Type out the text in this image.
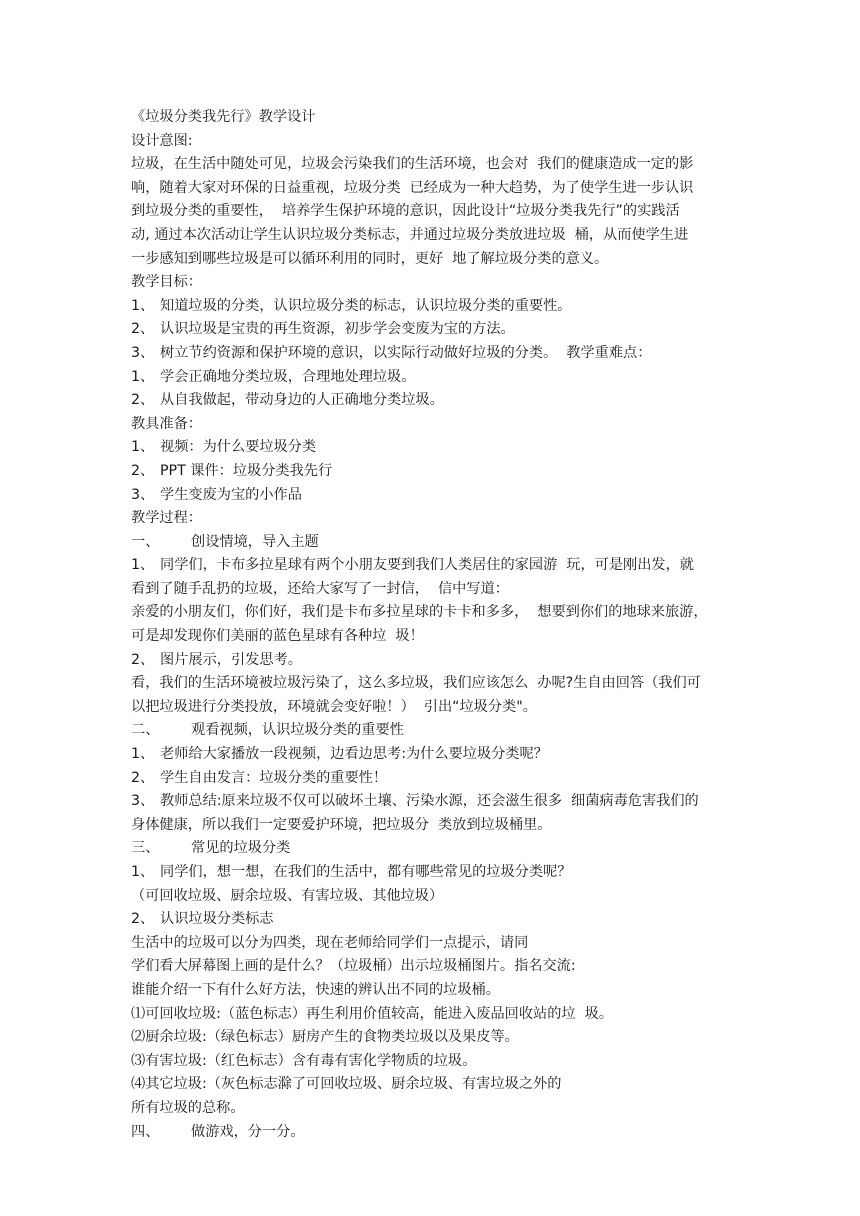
《垃圾分类我先行》教学设计
设计意图:
垃圾，在生活中随处可见，垃圾会污染我们的生活环境，也会对  我们的健康造成一定的影
响，随着大家对环保的日益重视，垃圾分类  已经成为一种大趋势，为了使学生进一步认识
到垃圾分类的重要性，  培养学生保护环境的意识，因此设计“垃圾分类我先行”的实践活
动, 通过本次活动让学生认识垃圾分类标志，并通过垃圾分类放进垃圾  桶，从而使学生进
一步感知到哪些垃圾是可以循环利用的同时，更好  地了解垃圾分类的意义。
教学目标：
1、 知道垃圾的分类，认识垃圾分类的标志，认识垃圾分类的重要性。
2、 认识垃圾是宝贵的再生资源，初步学会变废为宝的方法。
3、 树立节约资源和保护环境的意识，以实际行动做好垃圾的分类。  教学重难点：
1、 学会正确地分类垃圾，合理地处理垃圾。
2、 从自我做起，带动身边的人正确地分类垃圾。
教具准备：
1、 视频：为什么要垃圾分类
2、 PPT 课件：垃圾分类我先行
3、 学生变废为宝的小作品
教学过程：
一、 创设情境，导入主题
1、 同学们，卡布多拉星球有两个小朋友要到我们人类居住的家园游  玩，可是刚出发，就
看到了随手乱扔的垃圾，还给大家写了一封信，  信中写道：
亲爱的小朋友们，你们好，我们是卡布多拉星球的卡卡和多多，  想要到你们的地球来旅游，
可是却发现你们美丽的蓝色星球有各种垃  圾！
2、 图片展示，引发思考。
看，我们的生活环境被垃圾污染了，这么多垃圾，我们应该怎么  办呢?生自由回答（我们可
以把垃圾进行分类投放，环境就会变好啦！）  引出“垃圾分类"。
二、 观看视频，认识垃圾分类的重要性
1、 老师给大家播放一段视频，边看边思考:为什么要垃圾分类呢？
2、 学生自由发言：垃圾分类的重要性！
3、 教师总结:原来垃圾不仅可以破坏土壤、污染水源，还会滋生很多  细菌病毒危害我们的
身体健康，所以我们一定要爱护环境，把垃圾分  类放到垃圾桶里。
三、 常见的垃圾分类
1、 同学们，想一想，在我们的生活中，都有哪些常见的垃圾分类呢？
（可回收垃圾、厨余垃圾、有害垃圾、其他垃圾）
2、 认识垃圾分类标志
生活中的垃圾可以分为四类，现在老师给同学们一点提示，请同
学们看大屏幕图上画的是什么？（垃圾桶）出示垃圾桶图片。指名交流:
谁能介绍一下有什么好方法，快速的辨认出不同的垃圾桶。
⑴可回收垃圾:（蓝色标志）再生利用价值较高，能进入废品回收站的垃  圾。
⑵厨余垃圾:（绿色标志）厨房产生的食物类垃圾以及果皮等。
⑶有害垃圾:（红色标志）含有毒有害化学物质的垃圾。
⑷其它垃圾:（灰色标志滁了可回收垃圾、厨余垃圾、有害垃圾之外的
所有垃圾的总称。
四、 做游戏，分一分。
